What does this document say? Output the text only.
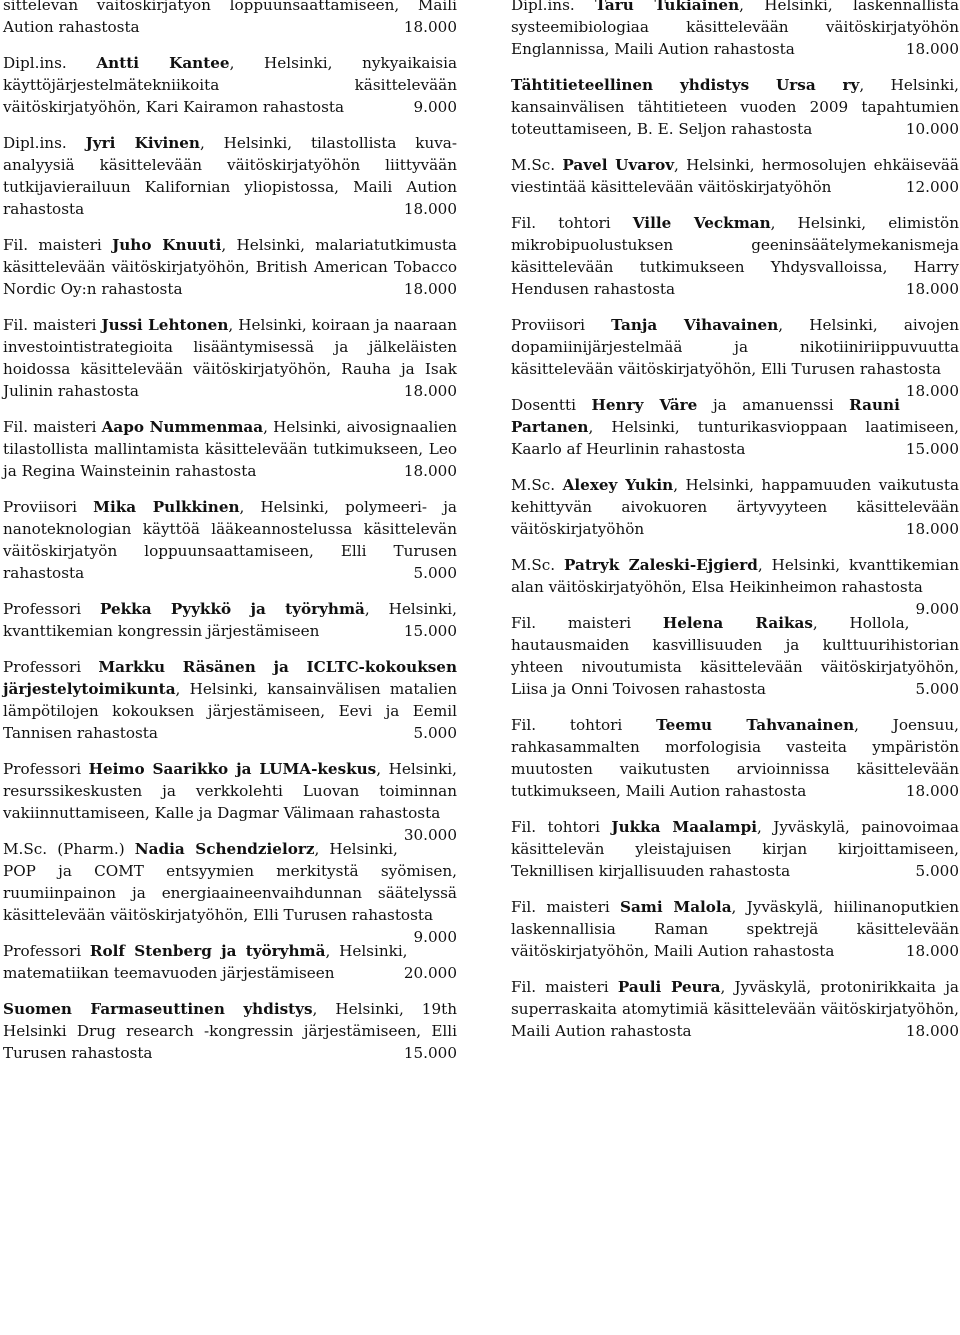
sittelevän väitöskirjatyön loppuunsaattamiseen, Maili Aution rahastosta	18.000

Dipl.ins. Antti Kantee, Helsinki, nykyaikaisia käyttöjärjestelmätekniikoita käsittelevään väitöskirjatyöhön, Kari Kairamon rahastosta	9.000

Dipl.ins. Jyri Kivinen, Helsinki, tilastollista kuva-analyysiä käsittelevään väitöskirjatyöhön liittyvään tutkijavierailuun Kalifornian yliopistossa, Maili Aution rahastosta	18.000

Fil. maisteri Juho Knuuti, Helsinki, malariatutkimusta käsittelevään väitöskirjatyöhön, British American Tobacco Nordic Oy:n rahastosta	18.000

Fil. maisteri Jussi Lehtonen, Helsinki, koiraan ja naaraan investointistrategioita lisääntymisessä ja jälkeläisten hoidossa käsittelevään väitöskirjatyöhön, Rauha ja Isak Julinin rahastosta	18.000

Fil. maisteri Aapo Nummenmaa, Helsinki, aivosignaalien tilastollista mallintamista käsittelevään tutkimukseen, Leo ja Regina Wainsteinin rahastosta	18.000

Proviisori Mika Pulkkinen, Helsinki, polymeeri- ja nanoteknologian käyttöä lääkeannostelussa käsittelevän väitöskirjatyön loppuunsaattamiseen, Elli Turusen rahastosta	5.000

Professori Pekka Pyykkö ja työryhmä, Helsinki, kvanttikemian kongressin järjestämiseen	15.000

Professori Markku Räsänen ja ICLTC-kokouksen järjestelytoimikunta, Helsinki, kansainvälisen matalien lämpötilojen kokouksen järjestämiseen, Eevi ja Eemil Tannisen rahastosta	5.000

Professori Heimo Saarikko ja LUMA-keskus, Helsinki, resurssikeskusten ja verkkolehti Luovan toiminnan vakiinnuttamiseen, Kalle ja Dagmar Välimaan rahastosta
30.000

M.Sc. (Pharm.) Nadia Schendzielorz, Helsinki, POP ja COMT entsyymien merkitystä syömisen, ruumiinpainon ja energiaaineenvaihdunnan säätelyssä käsittelevään väitöskirjatyöhön, Elli Turusen rahastosta
9.000

Professori Rolf Stenberg ja työryhmä, Helsinki, matematiikan teemavuoden järjestämiseen	20.000

Suomen Farmaseuttinen yhdistys, Helsinki, 19th Helsinki Drug research -kongressin järjestämiseen, Elli Turusen rahastosta	15.000

Dipl.ins. Taru Tukiainen, Helsinki, laskennallista systeemibiologiaa käsittelevään väitöskirjatyöhön Englannissa, Maili Aution rahastosta	18.000

Tähtitieteellinen yhdistys Ursa ry, Helsinki, kansainvälisen tähtitieteen vuoden 2009 tapahtumien toteuttamiseen, B. E. Seljon rahastosta	10.000

M.Sc. Pavel Uvarov, Helsinki, hermosolujen ehkäisevää viestintää käsittelevään väitöskirjatyöhön	12.000

Fil. tohtori Ville Veckman, Helsinki, elimistön mikrobipuolustuksen geeninsäätelymekanismeja käsittelevään tutkimukseen Yhdysvalloissa, Harry Hendusen rahastosta	18.000

Proviisori Tanja Vihavainen, Helsinki, aivojen dopamiinijärjestelmää ja nikotiiniriippuvuutta käsittelevään väitöskirjatyöhön, Elli Turusen rahastosta
18.000

Dosentti Henry Väre ja amanuenssi Rauni Partanen, Helsinki, tunturikasvioppaan laatimiseen, Kaarlo af Heurlinin rahastosta	15.000

M.Sc. Alexey Yukin, Helsinki, happamuuden vaikutusta kehittyvän aivokuoren ärtyvyyteen käsittelevään väitöskirjatyöhön	18.000

M.Sc. Patryk Zaleski-Ejgierd, Helsinki, kvanttikemian alan väitöskirjatyöhön, Elsa Heikinheimon rahastosta
9.000

Fil. maisteri Helena Raikas, Hollola, hautausmaiden kasvillisuuden ja kulttuurihistorian yhteen nivoutumista käsittelevään väitöskirjatyöhön, Liisa ja Onni Toivosen rahastosta	5.000

Fil. tohtori Teemu Tahvanainen, Joensuu, rahkasammalten morfologisia vasteita ympäristön muutosten vaikutusten arvioinnissa käsittelevään tutkimukseen, Maili Aution rahastosta	18.000

Fil. tohtori Jukka Maalampi, Jyväskylä, painovoimaa käsittelevän yleistajuisen kirjan kirjoittamiseen, Teknillisen kirjallisuuden rahastosta	5.000

Fil. maisteri Sami Malola, Jyväskylä, hiilinanoputkien laskennallisia Raman spektrejä käsittelevään väitöskirjatyöhön, Maili Aution rahastosta	18.000

Fil. maisteri Pauli Peura, Jyväskylä, protonirikkaita ja superraskaita atomytimiä käsittelevään väitöskirjatyöhön, Maili Aution rahastosta	18.000
